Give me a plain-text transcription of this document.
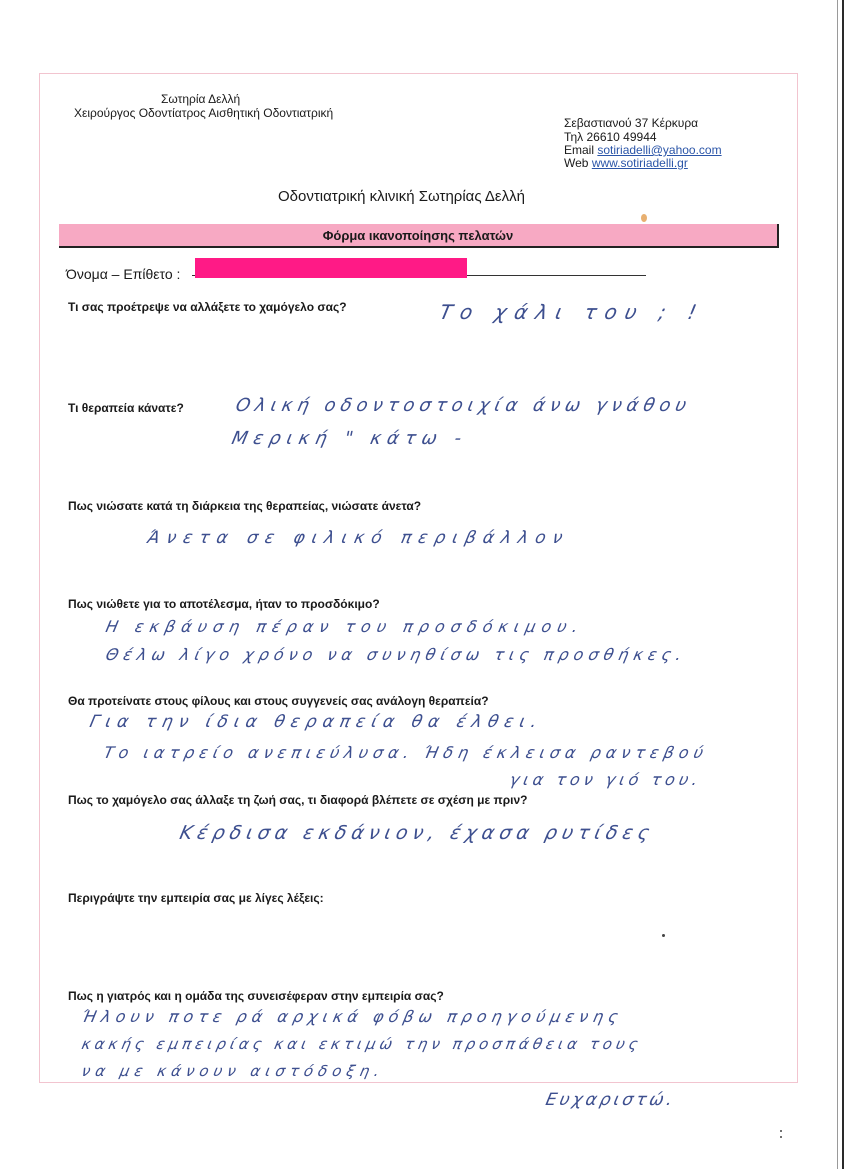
Σωτηρία Δελλή
Χειρούργος Οδοντίατρος Αισθητική Οδοντιατρική
Σεβαστιανού 37 Κέρκυρα
Τηλ 26610 49944
Email sotiriadelli@yahoo.com
Web www.sotiriadelli.gr
Οδοντιατρική κλινική Σωτηρίας Δελλή
Φόρμα ικανοποίησης πελατών
Όνομα – Επίθετο :
Τι σας προέτρεψε να αλλάξετε το χαμόγελο σας?	Το χάλι του ; !
Τι θεραπεία κάνατε?	Ολική οδοντοστοιχία άνω γνάθου
Μερική " κάτω -
Πως νιώσατε κατά τη διάρκεια της θεραπείας, νιώσατε άνετα?
Άνετα σε φιλικό περιβάλλον
Πως νιώθετε για το αποτέλεσμα, ήταν το προσδόκιμο?
Η εκβάυση πέραν του προσδόκιμου.
Θέλω λίγο χρόνο να συνηθίσω τις προσθήκες.
Θα προτείνατε στους φίλους και στους συγγενείς σας ανάλογη θεραπεία?
Για την ίδια θεραπεία θα έλθει.
Το ιατρείο ανεπιεύλυσα. Ήδη έκλεισα ραντεβού
για τον γιό του.
Πως το χαμόγελο σας άλλαξε τη ζωή σας, τι διαφορά βλέπετε σε σχέση με πριν?
Κέρδισα εκδάνιον, έχασα ρυτίδες
Περιγράψτε την εμπειρία σας με λίγες λέξεις:
Πως η γιατρός και η ομάδα της συνεισέφεραν στην εμπειρία σας?
Ήλουν ποτε ρά αρχικά φόβω προηγούμενης
κακής εμπειρίας και εκτιμώ την προσπάθεια τους
να με κάνουν αιστόδοξη.
Ευχαριστώ.
